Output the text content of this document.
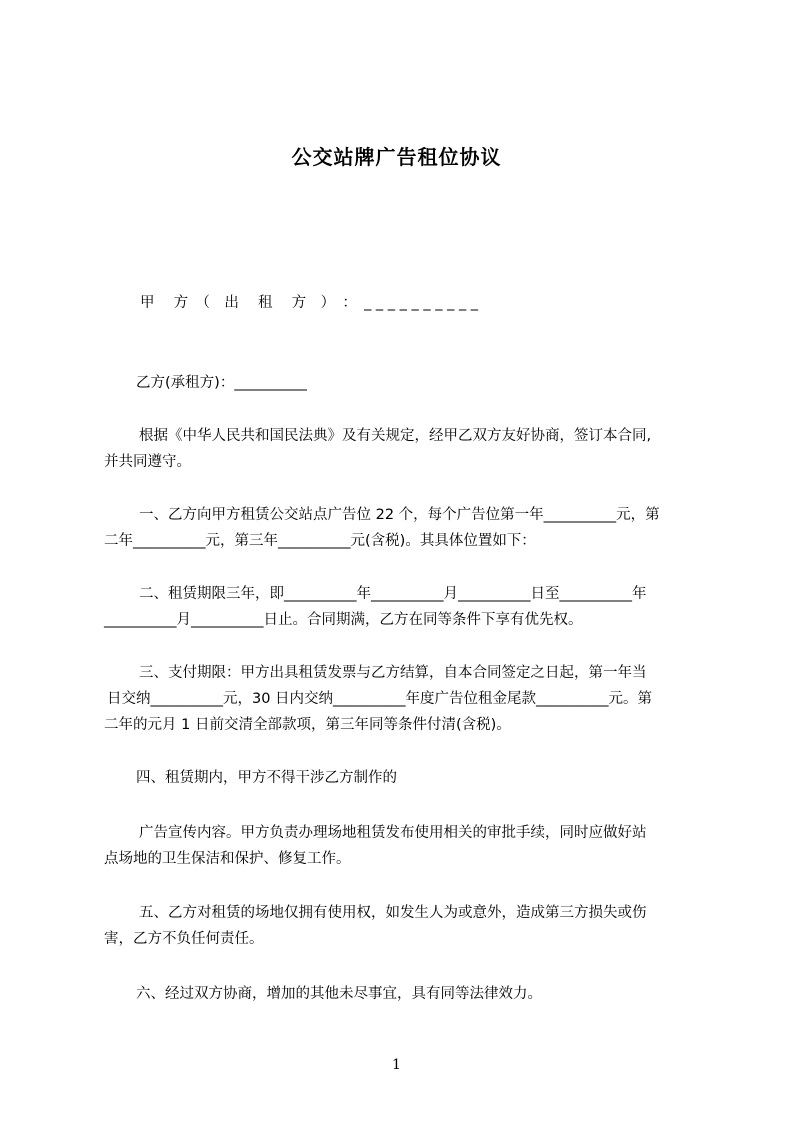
公交站牌广告租位协议
甲　 方　（　出　 租　 方　）　：　_ _ _ _ _ _ _ _ _ _
乙方(承租方)：__________
根据《中华人民共和国民法典》及有关规定，经甲乙双方友好协商，签订本合同,
并共同遵守。
一、乙方向甲方租赁公交站点广告位 22 个，每个广告位第一年__________元，第
二年__________元，第三年__________元(含税)。其具体位置如下：
二、租赁期限三年，即__________年__________月__________日至__________年
__________月__________日止。合同期满，乙方在同等条件下享有优先权。
三、支付期限：甲方出具租赁发票与乙方结算，自本合同签定之日起，第一年当
日交纳__________元，30 日内交纳__________年度广告位租金尾款__________元。第
二年的元月 1 日前交清全部款项，第三年同等条件付清(含税)。
四、租赁期内，甲方不得干涉乙方制作的
广告宣传内容。甲方负责办理场地租赁发布使用相关的审批手续，同时应做好站
点场地的卫生保洁和保护、修复工作。
五、乙方对租赁的场地仅拥有使用权，如发生人为或意外，造成第三方损失或伤
害，乙方不负任何责任。
六、经过双方协商，增加的其他未尽事宜，具有同等法律效力。
1
